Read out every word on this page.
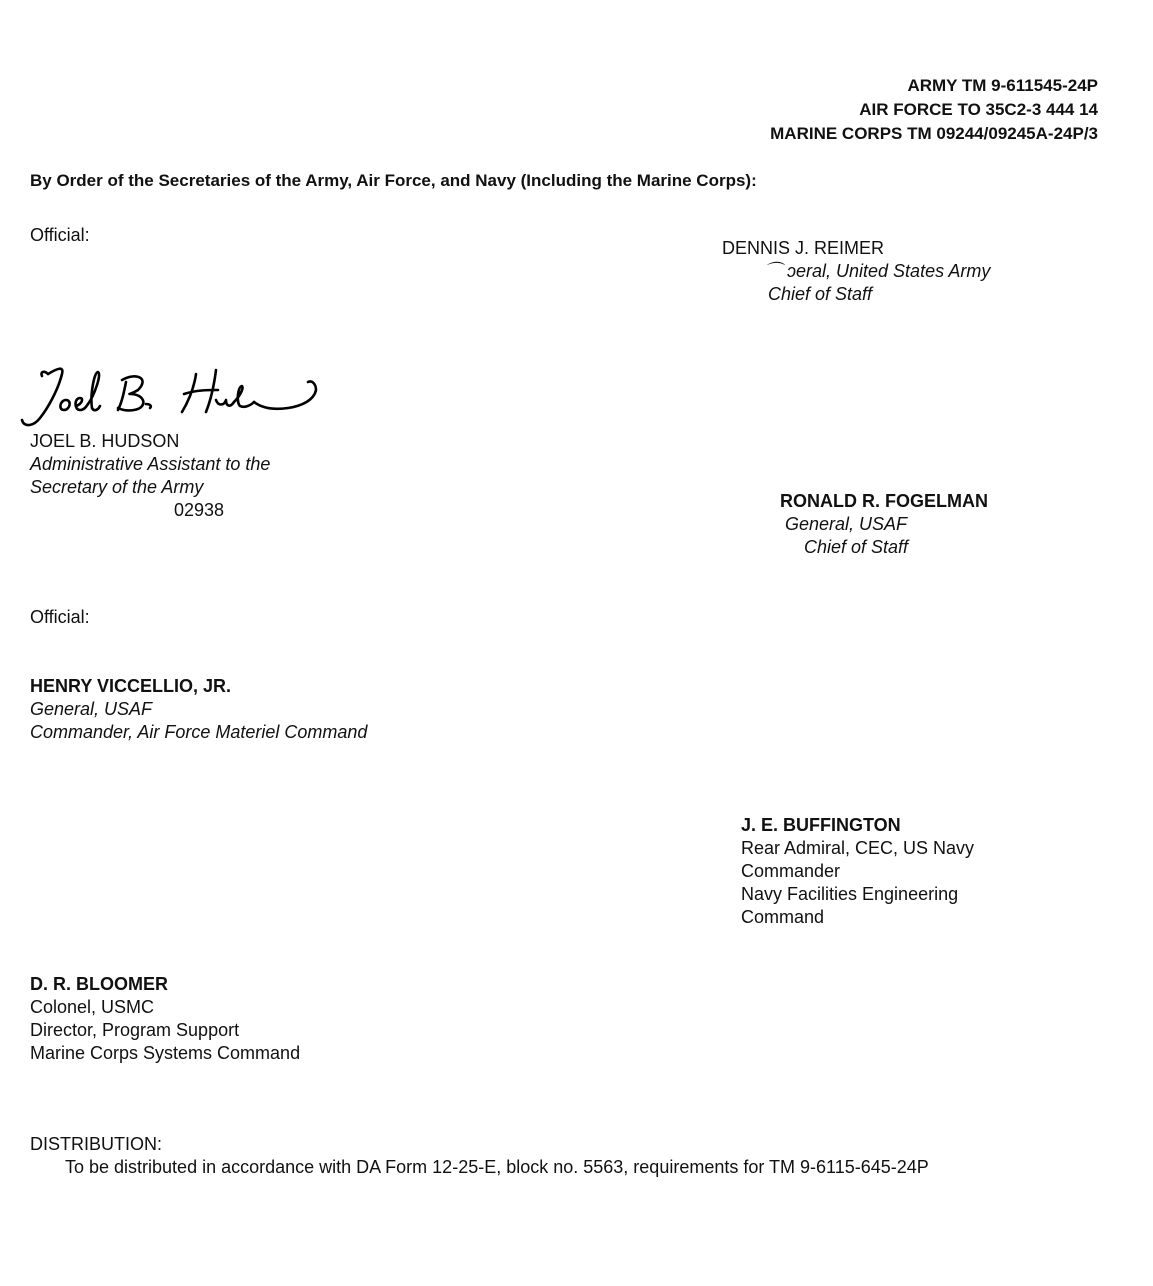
ARMY TM 9-611545-24P
AIR FORCE TO 35C2-3 444 14
MARINE CORPS TM 09244/09245A-24P/3
By Order of the Secretaries of the Army, Air Force, and Navy (Including the Marine Corps):
Official:
DENNIS J. REIMER
⌒ ɔeral, United States Army
Chief of Staff
JOEL B. HUDSON
Administrative Assistant to the
Secretary of the Army
02938	RONALD R. FOGELMAN
General, USAF
Chief of Staff
Official:
HENRY VICCELLIO, JR.
General, USAF
Commander, Air Force Materiel Command
J. E. BUFFINGTON
Rear Admiral, CEC, US Navy
Commander
Navy Facilities Engineering
Command
D. R. BLOOMER
Colonel, USMC
Director, Program Support
Marine Corps Systems Command
DISTRIBUTION:
To be distributed in accordance with DA Form 12-25-E, block no. 5563, requirements for TM 9-6115-645-24P
